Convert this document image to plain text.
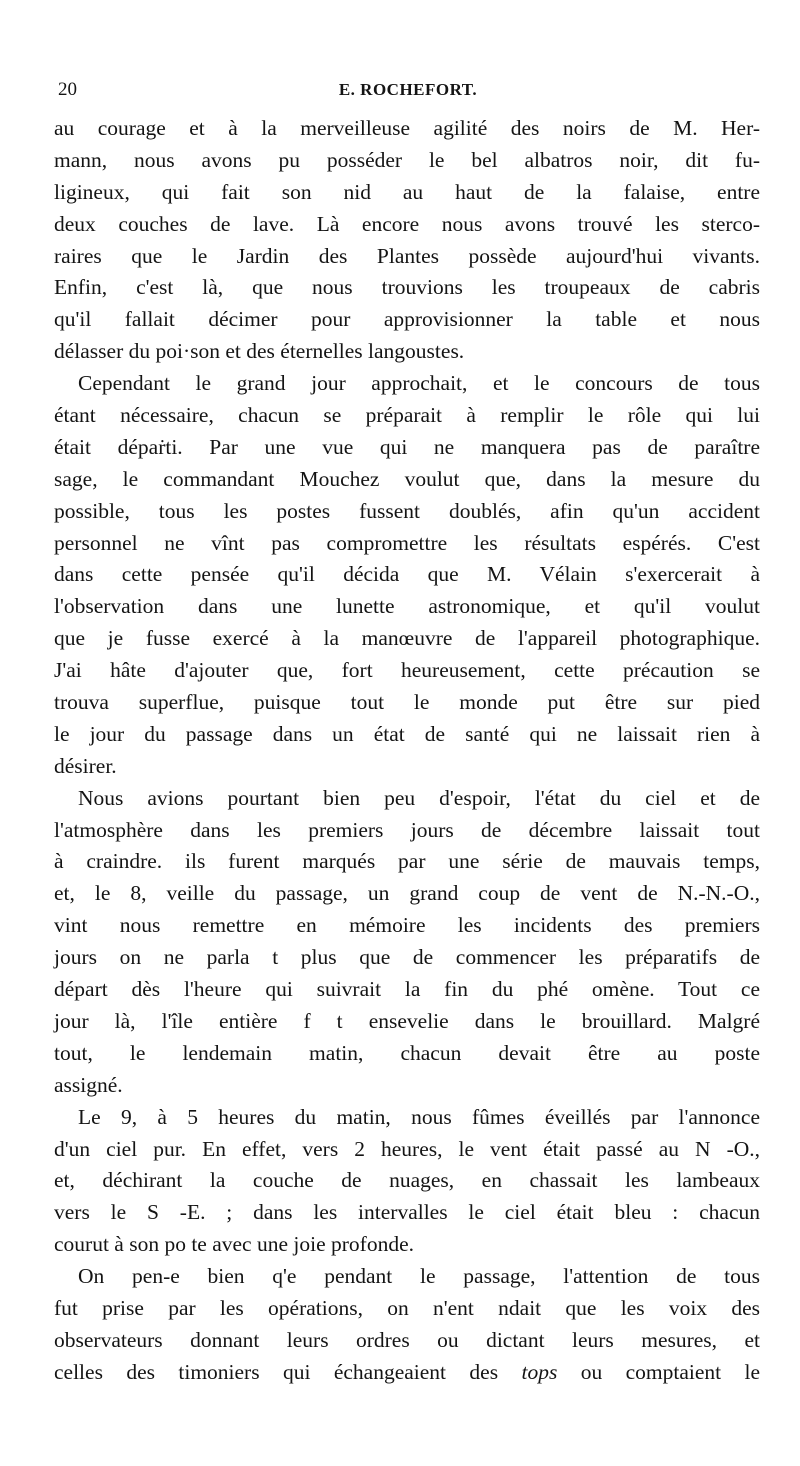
20	E. ROCHEFORT.
au courage et à la merveilleuse agilité des noirs de M. Her-
mann, nous avons pu posséder le bel albatros noir, dit fu-
ligineux, qui fait son nid au haut de la falaise, entre
deux couches de lave. Là encore nous avons trouvé les sterco-
raires que le Jardin des Plantes possède aujourd'hui vivants.
Enfin, c'est là, que nous trouvions les troupeaux de cabris
qu'il fallait décimer pour approvisionner la table et nous
délasser du poi·son et des éternelles langoustes.
Cependant le grand jour approchait, et le concours de tous
étant nécessaire, chacun se préparait à remplir le rôle qui lui
était dépaṙti. Par une vue qui ne manquera pas de paraître
sage, le commandant Mouchez voulut que, dans la mesure du
possible, tous les postes fussent doublés, afin qu'un accident
personnel ne vînt pas compromettre les résultats espérés. C'est
dans cette pensée qu'il décida que M. Vélain s'exercerait à
l'observation dans une lunette astronomique, et qu'il voulut
que je fusse exercé à la manœuvre de l'appareil photographique.
J'ai hâte d'ajouter que, fort heureusement, cette précaution se
trouva superflue, puisque tout le monde put être sur pied
le jour du passage dans un état de santé qui ne laissait rien à
désirer.
Nous avions pourtant bien peu d'espoir, l'état du ciel et de
l'atmosphère dans les premiers jours de décembre laissait tout
à craindre. ils furent marqués par une série de mauvais temps,
et, le 8, veille du passage, un grand coup de vent de N.-N.-O.,
vint nous remettre en mémoire les incidents des premiers
jours on ne parla t plus que de commencer les préparatifs de
départ dès l'heure qui suivrait la fin du phé omène. Tout ce
jour là, l'île entière f t ensevelie dans le brouillard. Malgré
tout, le lendemain matin, chacun devait être au poste
assigné.
Le 9, à 5 heures du matin, nous fûmes éveillés par l'annonce
d'un ciel pur. En effet, vers 2 heures, le vent était passé au N -O.,
et, déchirant la couche de nuages, en chassait les lambeaux
vers le S -E. ; dans les intervalles le ciel était bleu : chacun
courut à son po te avec une joie profonde.
On pen-e bien q'e pendant le passage, l'attention de tous
fut prise par les opérations, on n'ent ndait que les voix des
observateurs donnant leurs ordres ou dictant leurs mesures, et
celles des timoniers qui échangeaient des tops ou comptaient le
